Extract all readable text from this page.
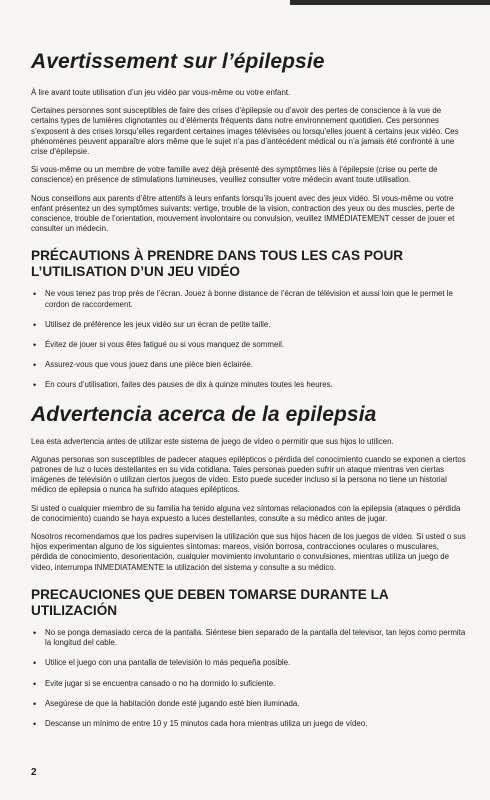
Avertissement sur l’épilepsie

À lire avant toute utilisation d’un jeu vidéo par vous-même ou votre enfant.

Certaines personnes sont susceptibles de faire des crises d’épilepsie ou d’avoir des pertes de conscience à la vue de certains types de lumières clignotantes ou d’éléments fréquents dans notre environnement quotidien. Ces personnes s’exposent à des crises lorsqu’elles regardent certaines images télévisées ou lorsqu’elles jouent à certains jeux vidéo. Ces phénomènes peuvent apparaître alors même que le sujet n’a pas d’antécédent médical ou n’a jamais été confronté à une crise d’épilepsie.

Si vous-même ou un membre de votre famille avez déjà présenté des symptômes liés à l’épilepsie (crise ou perte de conscience) en présence de stimulations lumineuses, veuillez consulter votre médecin avant toute utilisation.

Nous conseillons aux parents d’être attentifs à leurs enfants lorsqu’ils jouent avec des jeux vidéo. Si vous-même ou votre enfant présentez un des symptômes suivants: vertige, trouble de la vision, contraction des yeux ou des muscles, perte de conscience, trouble de l’orientation, mouvement involontaire ou convulsion, veuillez IMMÉDIATEMENT cesser de jouer et consulter un médecin.

PRÉCAUTIONS À PRENDRE DANS TOUS LES CAS POUR L’UTILISATION D’UN JEU VIDÉO
• Ne vous tenez pas trop près de l’écran. Jouez à bonne distance de l’écran de télévision et aussi loin que le permet le cordon de raccordement.
• Utilisez de préférence les jeux vidéo sur un écran de petite taille.
• Évitez de jouer si vous êtes fatigué ou si vous manquez de sommeil.
• Assurez-vous que vous jouez dans une pièce bien éclairée.
• En cours d’utilisation, faites des pauses de dix à quinze minutes toutes les heures.
Advertencia acerca de la epilepsia

Lea esta advertencia antes de utilizar este sistema de juego de vídeo o permitir que sus hijos lo utilicen.

Algunas personas son susceptibles de padecer ataques epilépticos o pérdida del conocimiento cuando se exponen a ciertos patrones de luz o luces destellantes en su vida cotidiana. Tales personas pueden sufrir un ataque mientras ven ciertas imágenes de televisión o utilizan ciertos juegos de vídeo. Esto puede suceder incluso si la persona no tiene un historial médico de epilepsia o nunca ha sufrido ataques epilépticos.

Si usted o cualquier miembro de su familia ha tenido alguna vez síntomas relacionados con la epilepsia (ataques o pérdida de conocimiento) cuando se haya expuesto a luces destellantes, consulte a su médico antes de jugar.

Nosotros recomendamos que los padres supervisen la utilización que sus hijos hacen de los juegos de vídeo. Si usted o sus hijos experimentan alguno de los siguientes síntomas: mareos, visión borrosa, contracciones oculares o musculares, pérdida de conocimiento, desorientación, cualquier movimiento involuntario o convulsiones, mientras utiliza un juego de vídeo, interrumpa INMEDIATAMENTE la utilización del sistema y consulte a su médico.

PRECAUCIONES QUE DEBEN TOMARSE DURANTE LA UTILIZACIÓN
• No se ponga demasiado cerca de la pantalla. Siéntese bien separado de la pantalla del televisor, tan lejos como permita la longitud del cable.
• Utilice el juego con una pantalla de televisión lo más pequeña posible.
• Evite jugar si se encuentra cansado o no ha dormido lo suficiente.
• Asegúrese de que la habitación donde esté jugando esté bien iluminada.
• Descanse un mínimo de entre 10 y 15 minutos cada hora mientras utiliza un juego de vídeo.
2
